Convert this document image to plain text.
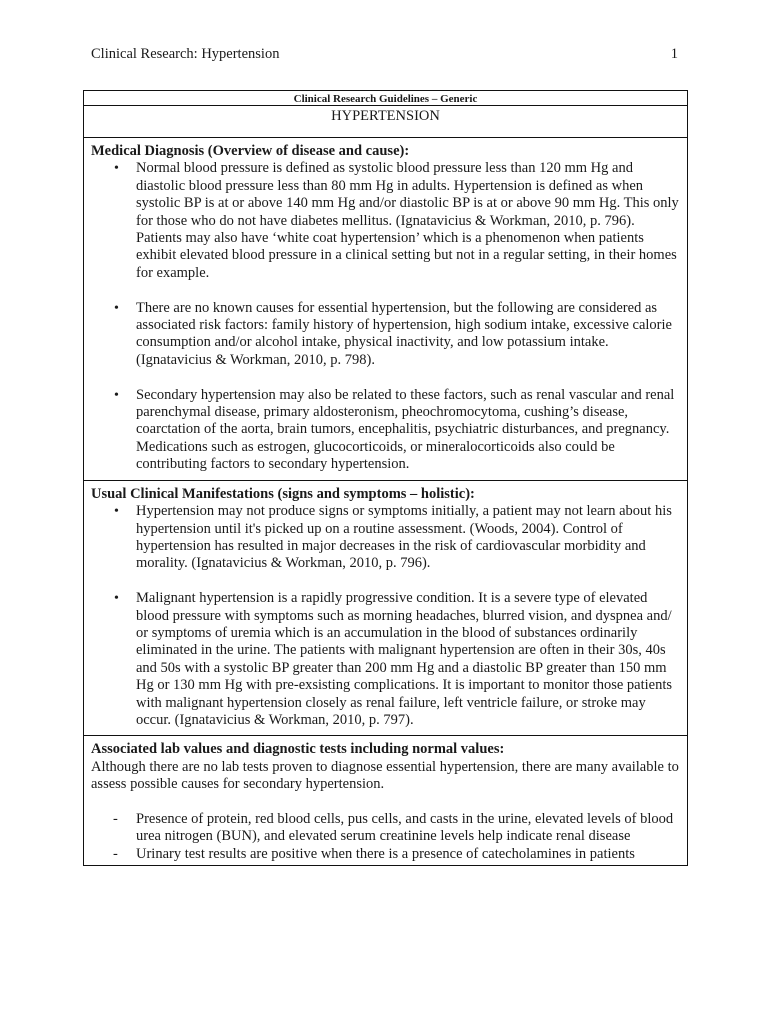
Clinical Research: Hypertension	1
Clinical Research Guidelines – Generic
HYPERTENSION
Medical Diagnosis (Overview of disease and cause):
• Normal blood pressure is defined as systolic blood pressure less than 120 mm Hg and diastolic blood pressure less than 80 mm Hg in adults. Hypertension is defined as when systolic BP is at or above 140 mm Hg and/or diastolic BP is at or above 90 mm Hg. This only for those who do not have diabetes mellitus. (Ignatavicius & Workman, 2010, p. 796). Patients may also have ‘white coat hypertension’ which is a phenomenon when patients exhibit elevated blood pressure in a clinical setting but not in a regular setting, in their homes for example.
• There are no known causes for essential hypertension, but the following are considered as associated risk factors: family history of hypertension, high sodium intake, excessive calorie consumption and/or alcohol intake, physical inactivity, and low potassium intake. (Ignatavicius & Workman, 2010, p. 798).
• Secondary hypertension may also be related to these factors, such as renal vascular and renal parenchymal disease, primary aldosteronism, pheochromocytoma, cushing’s disease, coarctation of the aorta, brain tumors, encephalitis, psychiatric disturbances, and pregnancy. Medications such as estrogen, glucocorticoids, or mineralocorticoids also could be contributing factors to secondary hypertension.
Usual Clinical Manifestations (signs and symptoms – holistic):
• Hypertension may not produce signs or symptoms initially, a patient may not learn about his hypertension until it's picked up on a routine assessment. (Woods, 2004). Control of hypertension has resulted in major decreases in the risk of cardiovascular morbidity and morality. (Ignatavicius & Workman, 2010, p. 796).
• Malignant hypertension is a rapidly progressive condition. It is a severe type of elevated blood pressure with symptoms such as morning headaches, blurred vision, and dyspnea and/ or symptoms of uremia which is an accumulation in the blood of substances ordinarily eliminated in the urine. The patients with malignant hypertension are often in their 30s, 40s and 50s with a systolic BP greater than 200 mm Hg and a diastolic BP greater than 150 mm Hg or 130 mm Hg with pre-exsisting complications. It is important to monitor those patients with malignant hypertension closely as renal failure, left ventricle failure, or stroke may occur. (Ignatavicius & Workman, 2010, p. 797).
Associated lab values and diagnostic tests including normal values:

Although there are no lab tests proven to diagnose essential hypertension, there are many available to assess possible causes for secondary hypertension.

- Presence of protein, red blood cells, pus cells, and casts in the urine, elevated levels of blood urea nitrogen (BUN), and elevated serum creatinine levels help indicate renal disease
- Urinary test results are positive when there is a presence of catecholamines in patients
